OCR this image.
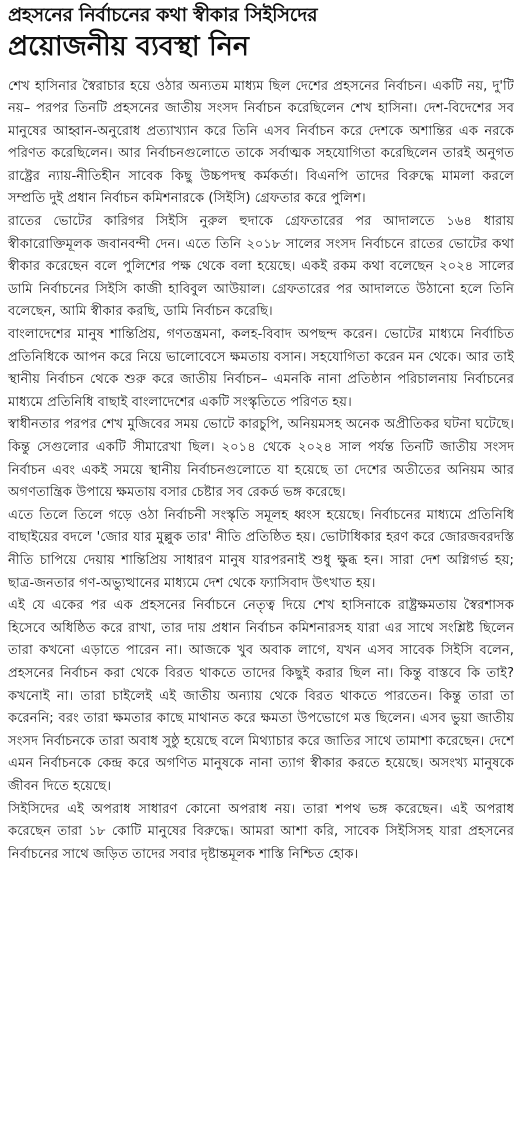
প্রহসনের নির্বাচনের কথা স্বীকার সিইসিদের
প্রয়োজনীয় ব্যবস্থা নিন

শেখ হাসিনার স্বৈরাচার হয়ে ওঠার অন্যতম মাধ্যম ছিল দেশের প্রহসনের নির্বাচন। একটি নয়, দু'টি নয়– পরপর তিনটি প্রহসনের জাতীয় সংসদ নির্বাচন করেছিলেন শেখ হাসিনা। দেশ-বিদেশের সব মানুষের আহ্বান-অনুরোধ প্রত্যাখ্যান করে তিনি এসব নির্বাচন করে দেশকে অশান্তির এক নরকে পরিণত করেছিলেন। আর নির্বাচনগুলোতে তাকে সর্বাত্মক সহযোগিতা করেছিলেন তারই অনুগত রাষ্ট্রের ন্যায়-নীতিহীন সাবেক কিছু উচ্চপদস্থ কর্মকর্তা। বিএনপি তাদের বিরুদ্ধে মামলা করলে সম্প্রতি দুই প্রধান নির্বাচন কমিশনারকে (সিইসি) গ্রেফতার করে পুলিশ।

রাতের ভোটের কারিগর সিইসি নুরুল হুদাকে গ্রেফতারের পর আদালতে ১৬৪ ধারায় স্বীকারোক্তিমূলক জবানবন্দী দেন। এতে তিনি ২০১৮ সালের সংসদ নির্বাচনে রাতের ভোটের কথা স্বীকার করেছেন বলে পুলিশের পক্ষ থেকে বলা হয়েছে। একই রকম কথা বলেছেন ২০২৪ সালের ডামি নির্বাচনের সিইসি কাজী হাবিবুল আউয়াল। গ্রেফতারের পর আদালতে উঠানো হলে তিনি বলেছেন, আমি স্বীকার করছি, ডামি নির্বাচন করেছি।

বাংলাদেশের মানুষ শান্তিপ্রিয়, গণতন্ত্রমনা, কলহ-বিবাদ অপছন্দ করেন। ভোটের মাধ্যমে নির্বাচিত প্রতিনিধিকে আপন করে নিয়ে ভালোবেসে ক্ষমতায় বসান। সহযোগিতা করেন মন থেকে। আর তাই স্থানীয় নির্বাচন থেকে শুরু করে জাতীয় নির্বাচন– এমনকি নানা প্রতিষ্ঠান পরিচালনায় নির্বাচনের মাধ্যমে প্রতিনিধি বাছাই বাংলাদেশের একটি সংস্কৃতিতে পরিণত হয়।

স্বাধীনতার পরপর শেখ মুজিবের সময় ভোটে কারচুপি, অনিয়মসহ অনেক অপ্রীতিকর ঘটনা ঘটেছে। কিন্তু সেগুলোর একটি সীমারেখা ছিল। ২০১৪ থেকে ২০২৪ সাল পর্যন্ত তিনটি জাতীয় সংসদ নির্বাচন এবং একই সময়ে স্থানীয় নির্বাচনগুলোতে যা হয়েছে তা দেশের অতীতের অনিয়ম আর অগণতান্ত্রিক উপায়ে ক্ষমতায় বসার চেষ্টার সব রেকর্ড ভঙ্গ করেছে।

এতে তিলে তিলে গড়ে ওঠা নির্বাচনী সংস্কৃতি সমূলহ ধ্বংস হয়েছে। নির্বাচনের মাধ্যমে প্রতিনিধি বাছাইয়ের বদলে 'জোর যার মুল্লুক তার' নীতি প্রতিষ্ঠিত হয়। ভোটাধিকার হরণ করে জোরজবরদস্তি নীতি চাপিয়ে দেয়ায় শান্তিপ্রিয় সাধারণ মানুষ যারপরনাই শুধু ক্ষুব্ধ হন। সারা দেশ অগ্নিগর্ভ হয়; ছাত্র-জনতার গণ-অভ্যুত্থানের মাধ্যমে দেশ থেকে ফ্যাসিবাদ উৎখাত হয়।

এই যে একের পর এক প্রহসনের নির্বাচনে নেতৃত্ব দিয়ে শেখ হাসিনাকে রাষ্ট্রক্ষমতায় স্বৈরশাসক হিসেবে অধিষ্ঠিত করে রাখা, তার দায় প্রধান নির্বাচন কমিশনারসহ যারা এর সাথে সংশ্লিষ্ট ছিলেন তারা কখনো এড়াতে পারেন না। আজকে খুব অবাক লাগে, যখন এসব সাবেক সিইসি বলেন, প্রহসনের নির্বাচন করা থেকে বিরত থাকতে তাদের কিছুই করার ছিল না। কিন্তু বাস্তবে কি তাই? কখনোই না। তারা চাইলেই এই জাতীয় অন্যায় থেকে বিরত থাকতে পারতেন। কিন্তু তারা তা করেননি; বরং তারা ক্ষমতার কাছে মাথানত করে ক্ষমতা উপভোগে মত্ত ছিলেন। এসব ভুয়া জাতীয় সংসদ নির্বাচনকে তারা অবাধ সুষ্ঠু হয়েছে বলে মিথ্যাচার করে জাতির সাথে তামাশা করেছেন। দেশে এমন নির্বাচনকে কেন্দ্র করে অগণিত মানুষকে নানা ত্যাগ স্বীকার করতে হয়েছে। অসংখ্য মানুষকে জীবন দিতে হয়েছে।

সিইসিদের এই অপরাধ সাধারণ কোনো অপরাধ নয়। তারা শপথ ভঙ্গ করেছেন। এই অপরাধ করেছেন তারা ১৮ কোটি মানুষের বিরুদ্ধে। আমরা আশা করি, সাবেক সিইসিসহ যারা প্রহসনের নির্বাচনের সাথে জড়িত তাদের সবার দৃষ্টান্তমূলক শাস্তি নিশ্চিত হোক।
